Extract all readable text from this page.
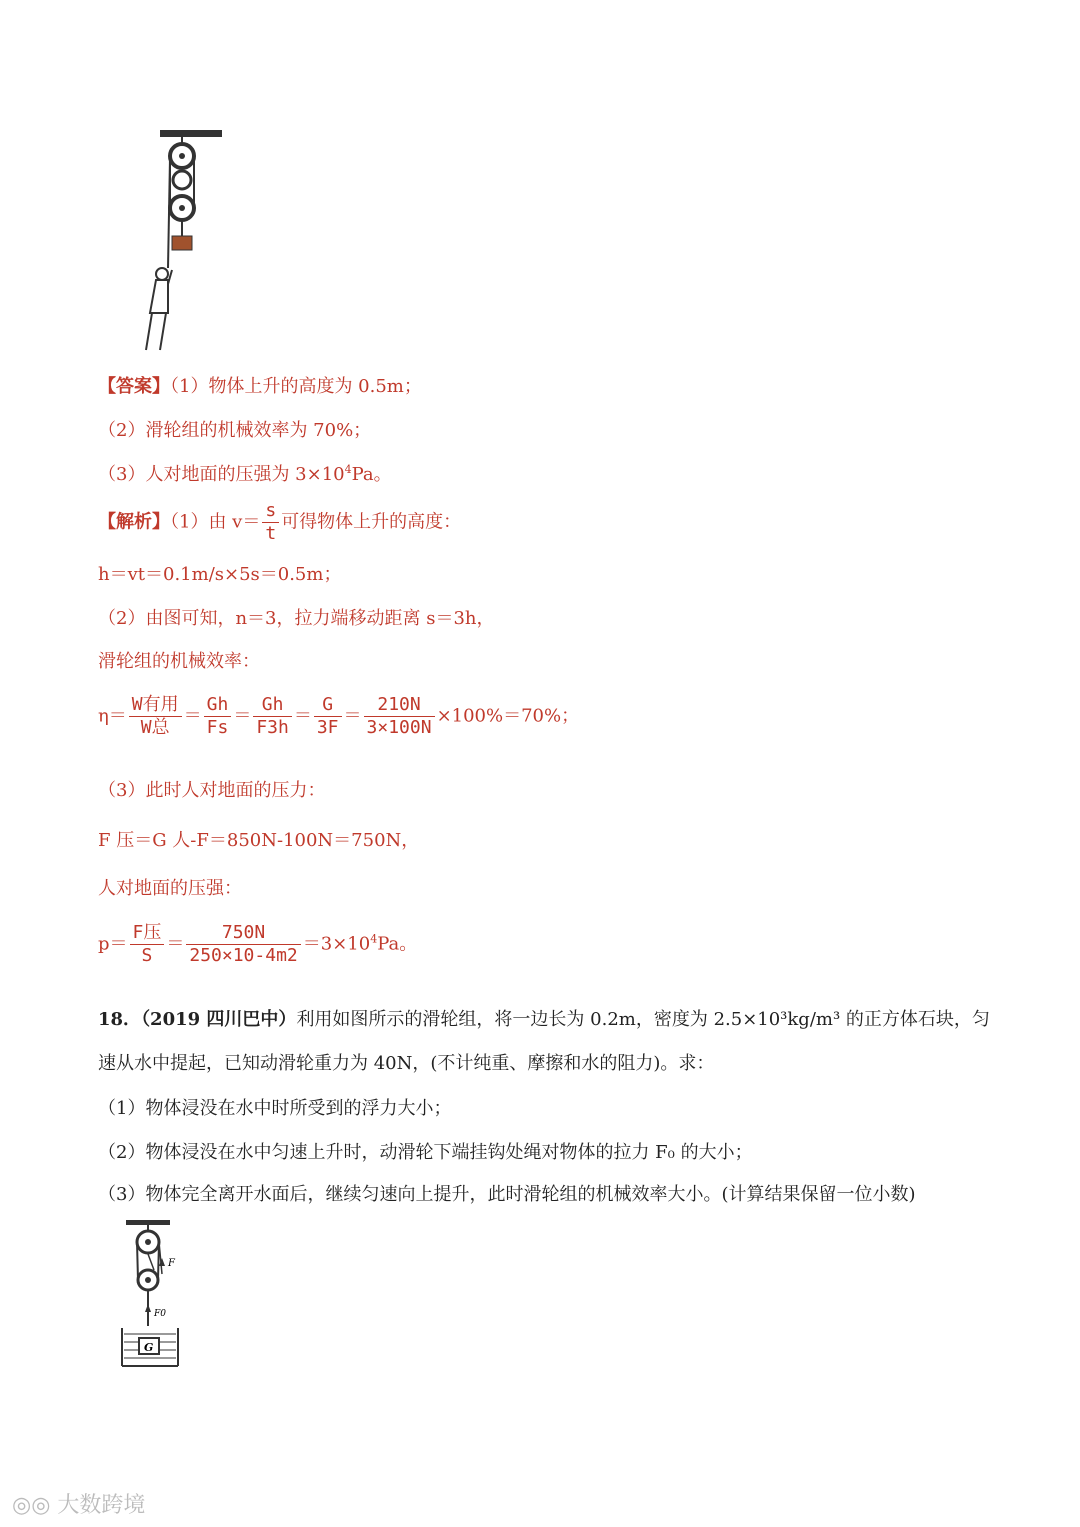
【答案】（1）物体上升的高度为 0.5m；
（2）滑轮组的机械效率为 70%；
（3）人对地面的压强为 $3\times 10^4Pa$。
【解析】（1）由 $v= \frac{s}{t}$ 可得物体上升的高度：
h＝vt＝0.1m/s×5s＝0.5m；
（2）由图可知，n＝3，拉力端移动距离 s＝3h，
滑轮组的机械效率：
$\eta= \frac{\text{W有用}}{\text{W总}} = \frac{Gh}{Fs} = \frac{Gh}{F3h} = \frac{G}{3F} = \frac{210N}{3\times 100N} \times 100\%=70\%$；
（3）此时人对地面的压力：
F 压＝G 人-F＝850N-100N＝750N，
人对地面的压强：
$p= \frac{\text{F压}}{S} = \frac{750N}{250\times 10-4m2} =3\times 10^4Pa$。
18．（2019 四川巴中）利用如图所示的滑轮组，将一边长为 0.2m，密度为 2.5×10³kg/m³ 的正方体石块，匀
速从水中提起，已知动滑轮重力为 40N，(不计纯重、摩擦和水的阻力)。求：
（1）物体浸没在水中时所受到的浮力大小；
（2）物体浸没在水中匀速上升时，动滑轮下端挂钩处绳对物体的拉力 F₀ 的大小；
（3）物体完全离开水面后，继续匀速向上提升，此时滑轮组的机械效率大小。(计算结果保留一位小数)
F
F0
G
◎◎ 大数跨境
